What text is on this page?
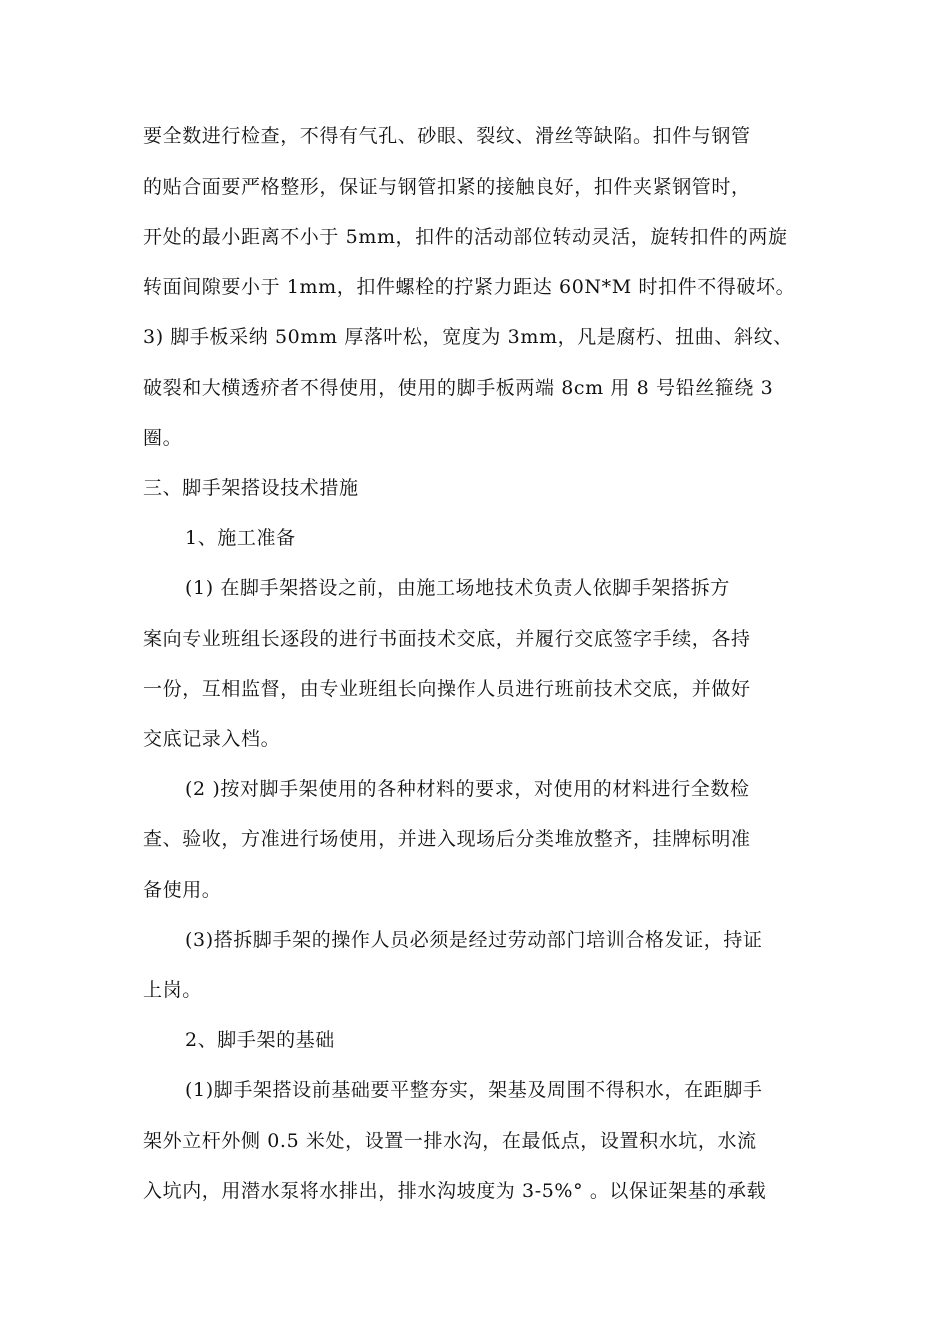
要全数进行检查，不得有气孔、砂眼、裂纹、滑丝等缺陷。扣件与钢管
的贴合面要严格整形，保证与钢管扣紧的接触良好，扣件夹紧钢管时，
开处的最小距离不小于 5mm，扣件的活动部位转动灵活，旋转扣件的两旋
转面间隙要小于 1mm，扣件螺栓的拧紧力距达 60N*M 时扣件不得破坏。
3) 脚手板采纳 50mm 厚落叶松，宽度为 3mm，凡是腐朽、扭曲、斜纹、
破裂和大横透疥者不得使用，使用的脚手板两端 8cm 用 8 号铅丝箍绕 3
圈。
三、脚手架搭设技术措施
1、施工准备
(1) 在脚手架搭设之前，由施工场地技术负责人依脚手架搭拆方
案向专业班组长逐段的进行书面技术交底，并履行交底签字手续，各持
一份，互相监督，由专业班组长向操作人员进行班前技术交底，并做好
交底记录入档。
(2 )按对脚手架使用的各种材料的要求，对使用的材料进行全数检
查、验收，方准进行场使用，并进入现场后分类堆放整齐，挂牌标明准
备使用。
(3)搭拆脚手架的操作人员必须是经过劳动部门培训合格发证，持证
上岗。
2、脚手架的基础
(1)脚手架搭设前基础要平整夯实，架基及周围不得积水，在距脚手
架外立杆外侧 0.5 米处，设置一排水沟，在最低点，设置积水坑，水流
入坑内，用潜水泵将水排出，排水沟坡度为 3-5%° 。以保证架基的承载
